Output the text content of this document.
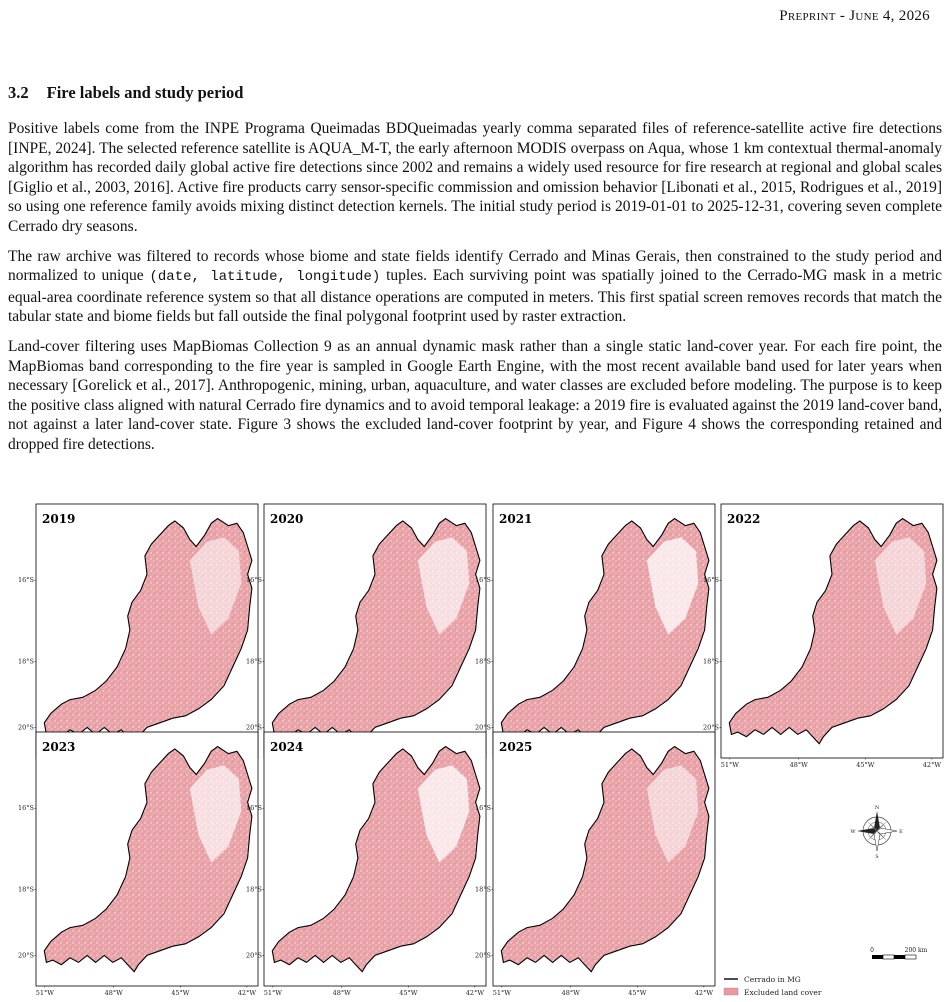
Preprint - June 4, 2026
3.2 Fire labels and study period

Positive labels come from the INPE Programa Queimadas BDQueimadas yearly comma separated files of reference-satellite active fire detections [INPE, 2024]. The selected reference satellite is AQUA_M-T, the early afternoon MODIS overpass on Aqua, whose 1 km contextual thermal-anomaly algorithm has recorded daily global active fire detections since 2002 and remains a widely used resource for fire research at regional and global scales [Giglio et al., 2003, 2016]. Active fire products carry sensor-specific commission and omission behavior [Libonati et al., 2015, Rodrigues et al., 2019] so using one reference family avoids mixing distinct detection kernels. The initial study period is 2019-01-01 to 2025-12-31, covering seven complete Cerrado dry seasons.

The raw archive was filtered to records whose biome and state fields identify Cerrado and Minas Gerais, then constrained to the study period and normalized to unique (date, latitude, longitude) tuples. Each surviving point was spatially joined to the Cerrado-MG mask in a metric equal-area coordinate reference system so that all distance operations are computed in meters. This first spatial screen removes records that match the tabular state and biome fields but fall outside the final polygonal footprint used by raster extraction.

Land-cover filtering uses MapBiomas Collection 9 as an annual dynamic mask rather than a single static land-cover year. For each fire point, the MapBiomas band corresponding to the fire year is sampled in Google Earth Engine, with the most recent available band used for later years when necessary [Gorelick et al., 2017]. Anthropogenic, mining, urban, aquaculture, and water classes are excluded before modeling. The purpose is to keep the positive class aligned with natural Cerrado fire dynamics and to avoid temporal leakage: a 2019 fire is evaluated against the 2019 land-cover band, not against a later land-cover state. Figure 3 shows the excluded land-cover footprint by year, and Figure 4 shows the corresponding retained and dropped fire detections.

2019
16°S
18°S
20°S
2020
16°S
18°S
20°S
2021
16°S
18°S
20°S
2022
16°S
18°S
20°S
51°W	48°W	45°W	42°W
2023
16°S
18°S
20°S
51°W	48°W	45°W	42°W
2024
16°S
18°S
20°S
51°W	48°W	45°W	42°W
2025
16°S
18°S
20°S
51°W	48°W	45°W	42°W
N
S
E
W
0	200 km
Cerrado in MG
Excluded land cover
